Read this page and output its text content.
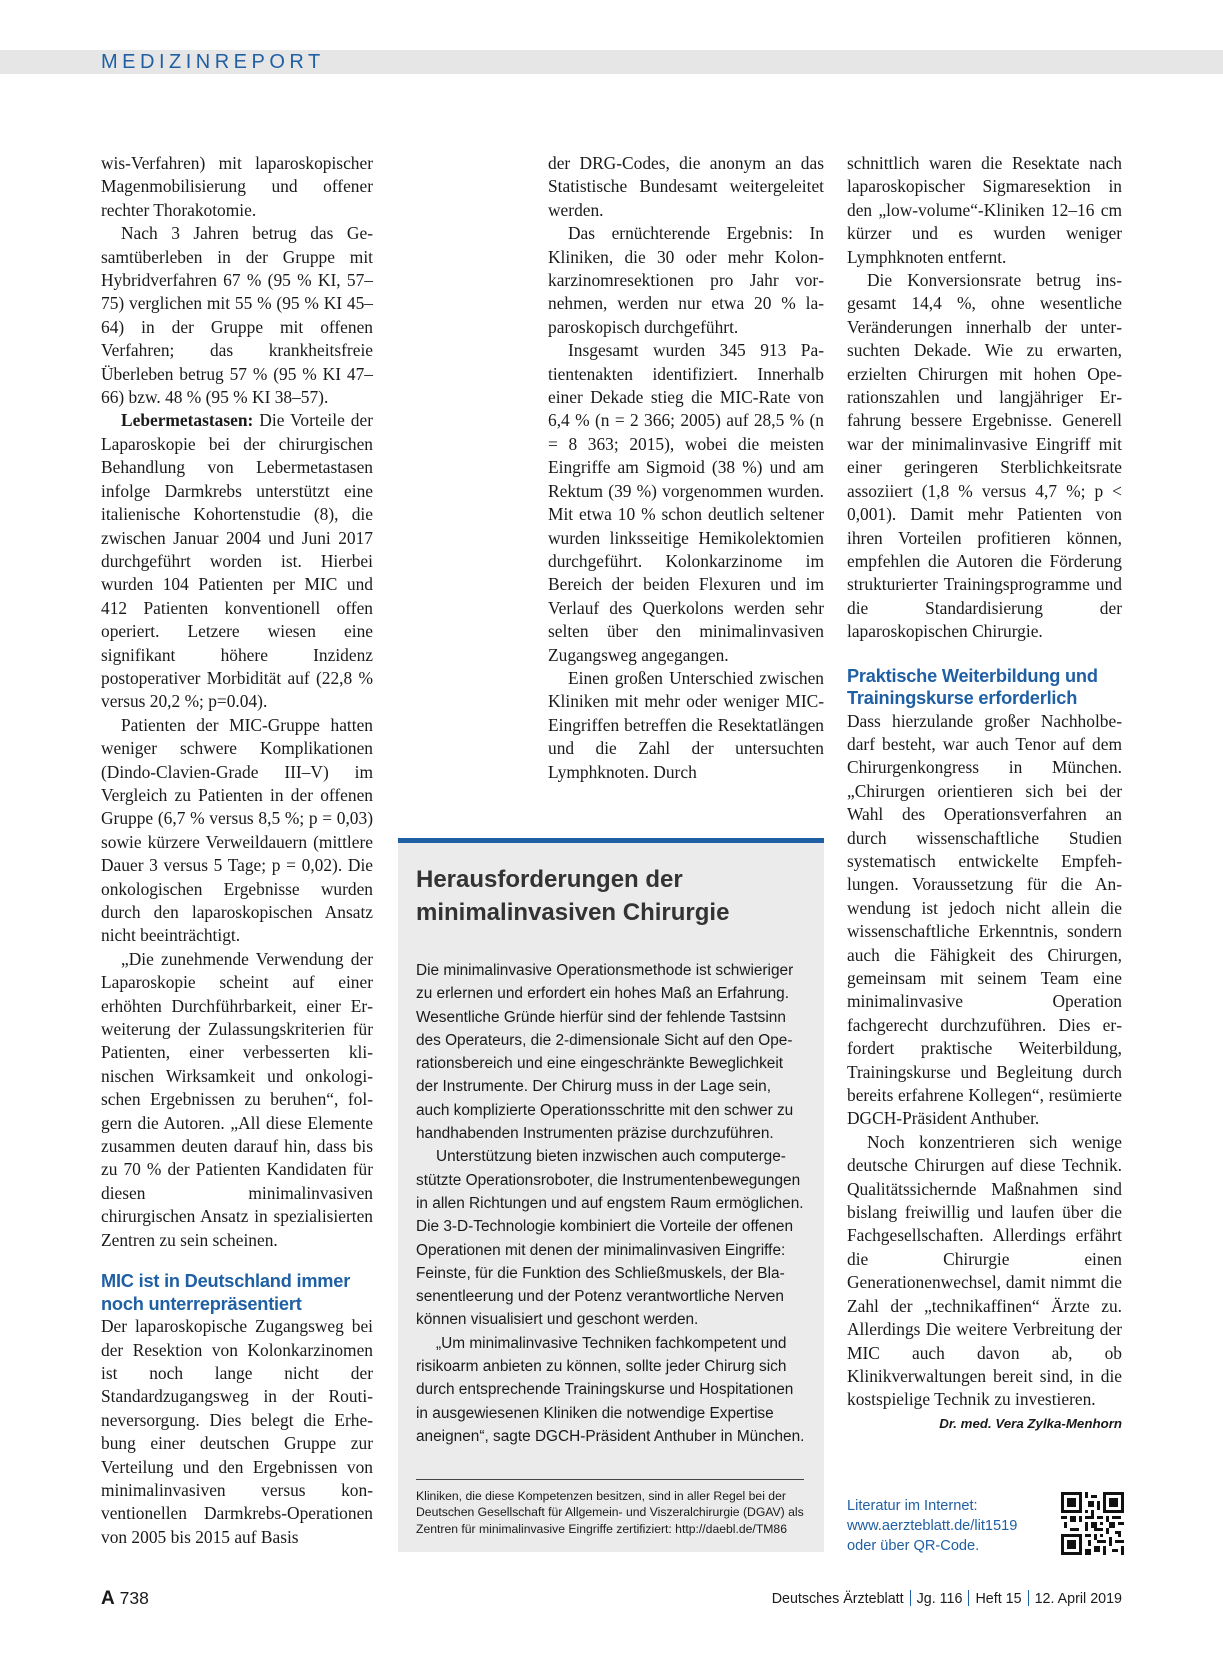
MEDIZINREPORT

wis-Verfahren) mit laparoskopischer Magenmobilisierung und offener rechter Thorakotomie.

Nach 3 Jahren betrug das Gesamtüberleben in der Gruppe mit Hybridverfahren 67 % (95 % KI, 57–75) verglichen mit 55 % (95 % KI 45–64) in der Gruppe mit offenen Verfahren; das krankheitsfreie Überleben betrug 57 % (95 % KI 47–66) bzw. 48 % (95 % KI 38–57).

Lebermetastasen: Die Vorteile der Laparoskopie bei der chirurgischen Behandlung von Lebermetastasen infolge Darmkrebs unterstützt eine italienische Kohortenstudie (8), die zwischen Januar 2004 und Juni 2017 durchgeführt worden ist. Hierbei wurden 104 Patienten per MIC und 412 Patienten konventionell offen operiert. Letzere wiesen eine signifikant höhere Inzidenz postoperativer Morbidität auf (22,8 % versus 20,2 %; p=0.04).

Patienten der MIC-Gruppe hatten weniger schwere Komplikationen (Dindo-Clavien-Grade III–V) im Vergleich zu Patienten in der offenen Gruppe (6,7 % versus 8,5 %; p = 0,03) sowie kürzere Verweildauern (mittlere Dauer 3 versus 5 Tage; p = 0,02). Die onkologischen Ergebnisse wurden durch den laparoskopischen Ansatz nicht beeinträchtigt.

„Die zunehmende Verwendung der Laparoskopie scheint auf einer erhöhten Durchführbarkeit, einer Erweiterung der Zulassungskriterien für Patienten, einer verbesserten klinischen Wirksamkeit und onkologischen Ergebnissen zu beruhen“, folgern die Autoren. „All diese Elemente zusammen deuten darauf hin, dass bis zu 70 % der Patienten Kandidaten für diesen minimalinvasiven chirurgischen Ansatz in spezialisierten Zentren zu sein scheinen.

MIC ist in Deutschland immer noch unterrepräsentiert

Der laparoskopische Zugangsweg bei der Resektion von Kolonkarzinomen ist noch lange nicht der Standardzugangsweg in der Routineversorgung. Dies belegt die Erhebung einer deutschen Gruppe zur Verteilung und den Ergebnissen von minimalinvasiven versus konventionellen Darmkrebs-Operationen von 2005 bis 2015 auf Basis

der DRG-Codes, die anonym an das Statistische Bundesamt weitergeleitet werden.

Das ernüchterende Ergebnis: In Kliniken, die 30 oder mehr Kolonkarzinomresektionen pro Jahr vornehmen, werden nur etwa 20 % laparoskopisch durchgeführt.

Insgesamt wurden 345 913 Patientenakten identifiziert. Innerhalb einer Dekade stieg die MIC-Rate von 6,4 % (n = 2 366; 2005) auf 28,5 % (n = 8 363; 2015), wobei die meisten Eingriffe am Sigmoid (38 %) und am Rektum (39 %) vorgenommen wurden. Mit etwa 10 % schon deutlich seltener wurden linksseitige Hemikolektomien durchgeführt. Kolonkarzinome im Bereich der beiden Flexuren und im Verlauf des Querkolons werden sehr selten über den minimalinvasiven Zugangsweg angegangen.

Einen großen Unterschied zwischen Kliniken mit mehr oder weniger MIC-Eingriffen betreffen die Resektatlängen und die Zahl der untersuchten Lymphknoten. Durch

schnittlich waren die Resektate nach laparoskopischer Sigmaresektion in den „low-volume“-Kliniken 12–16 cm kürzer und es wurden weniger Lymphknoten entfernt.

Die Konversionsrate betrug insgesamt 14,4 %, ohne wesentliche Veränderungen innerhalb der untersuchten Dekade. Wie zu erwarten, erzielten Chirurgen mit hohen Operationszahlen und langjähriger Erfahrung bessere Ergebnisse. Generell war der minimalinvasive Eingriff mit einer geringeren Sterblichkeitsrate assoziiert (1,8 % versus 4,7 %; p < 0,001). Damit mehr Patienten von ihren Vorteilen profitieren können, empfehlen die Autoren die Förderung strukturierter Trainingsprogramme und die Standardisierung der laparoskopischen Chirurgie.

Praktische Weiterbildung und Trainingskurse erforderlich

Dass hierzulande großer Nachholbedarf besteht, war auch Tenor auf dem Chirurgenkongress in München. „Chirurgen orientieren sich bei der Wahl des Operationsverfahren an durch wissenschaftliche Studien systematisch entwickelte Empfehlungen. Voraussetzung für die Anwendung ist jedoch nicht allein die wissenschaftliche Erkenntnis, sondern auch die Fähigkeit des Chirurgen, gemeinsam mit seinem Team eine minimalinvasive Operation fachgerecht durchzuführen. Dies erfordert praktische Weiterbildung, Trainingskurse und Begleitung durch bereits erfahrene Kollegen“, resümierte DGCH-Präsident Anthuber.

Noch konzentrieren sich wenige deutsche Chirurgen auf diese Technik. Qualitätssichernde Maßnahmen sind bislang freiwillig und laufen über die Fachgesellschaften. Allerdings erfährt die Chirurgie einen Generationenwechsel, damit nimmt die Zahl der „technikaffinen“ Ärzte zu. Allerdings Die weitere Verbreitung der MIC auch davon ab, ob Klinikverwaltungen bereit sind, in die kostspielige Technik zu investieren.
Dr. med. Vera Zylka-Menhorn

Herausforderungen der minimalinvasiven Chirurgie

Die minimalinvasive Operationsmethode ist schwieriger zu erlernen und erfordert ein hohes Maß an Erfahrung. Wesentliche Gründe hierfür sind der fehlende Tastsinn des Operateurs, die 2-dimensionale Sicht auf den Operationsbereich und eine eingeschränkte Beweglichkeit der Instrumente. Der Chirurg muss in der Lage sein, auch komplizierte Operationsschritte mit den schwer zu handhabenden Instrumenten präzise durchzuführen.

Unterstützung bieten inzwischen auch computergestützte Operationsroboter, die Instrumentenbewegungen in allen Richtungen und auf engstem Raum ermöglichen. Die 3-D-Technologie kombiniert die Vorteile der offenen Operationen mit denen der minimalinvasiven Eingriffe: Feinste, für die Funktion des Schließmuskels, der Blasenentleerung und der Potenz verantwortliche Nerven können visualisiert und geschont werden.

„Um minimalinvasive Techniken fachkompetent und risikoarm anbieten zu können, sollte jeder Chirurg sich durch entsprechende Trainingskurse und Hospitationen in ausgewiesenen Kliniken die notwendige Expertise aneignen“, sagte DGCH-Präsident Anthuber in München.

Kliniken, die diese Kompetenzen besitzen, sind in aller Regel bei der Deutschen Gesellschaft für Allgemein- und Viszeralchirurgie (DGAV) als Zentren für minimalinvasive Eingriffe zertifiziert: http://daebl.de/TM86
Literatur im Internet:
www.aerzteblatt.de/lit1519
oder über QR-Code.
A 738	Deutsches Ärzteblatt Jg. 116 Heft 15 12. April 2019
